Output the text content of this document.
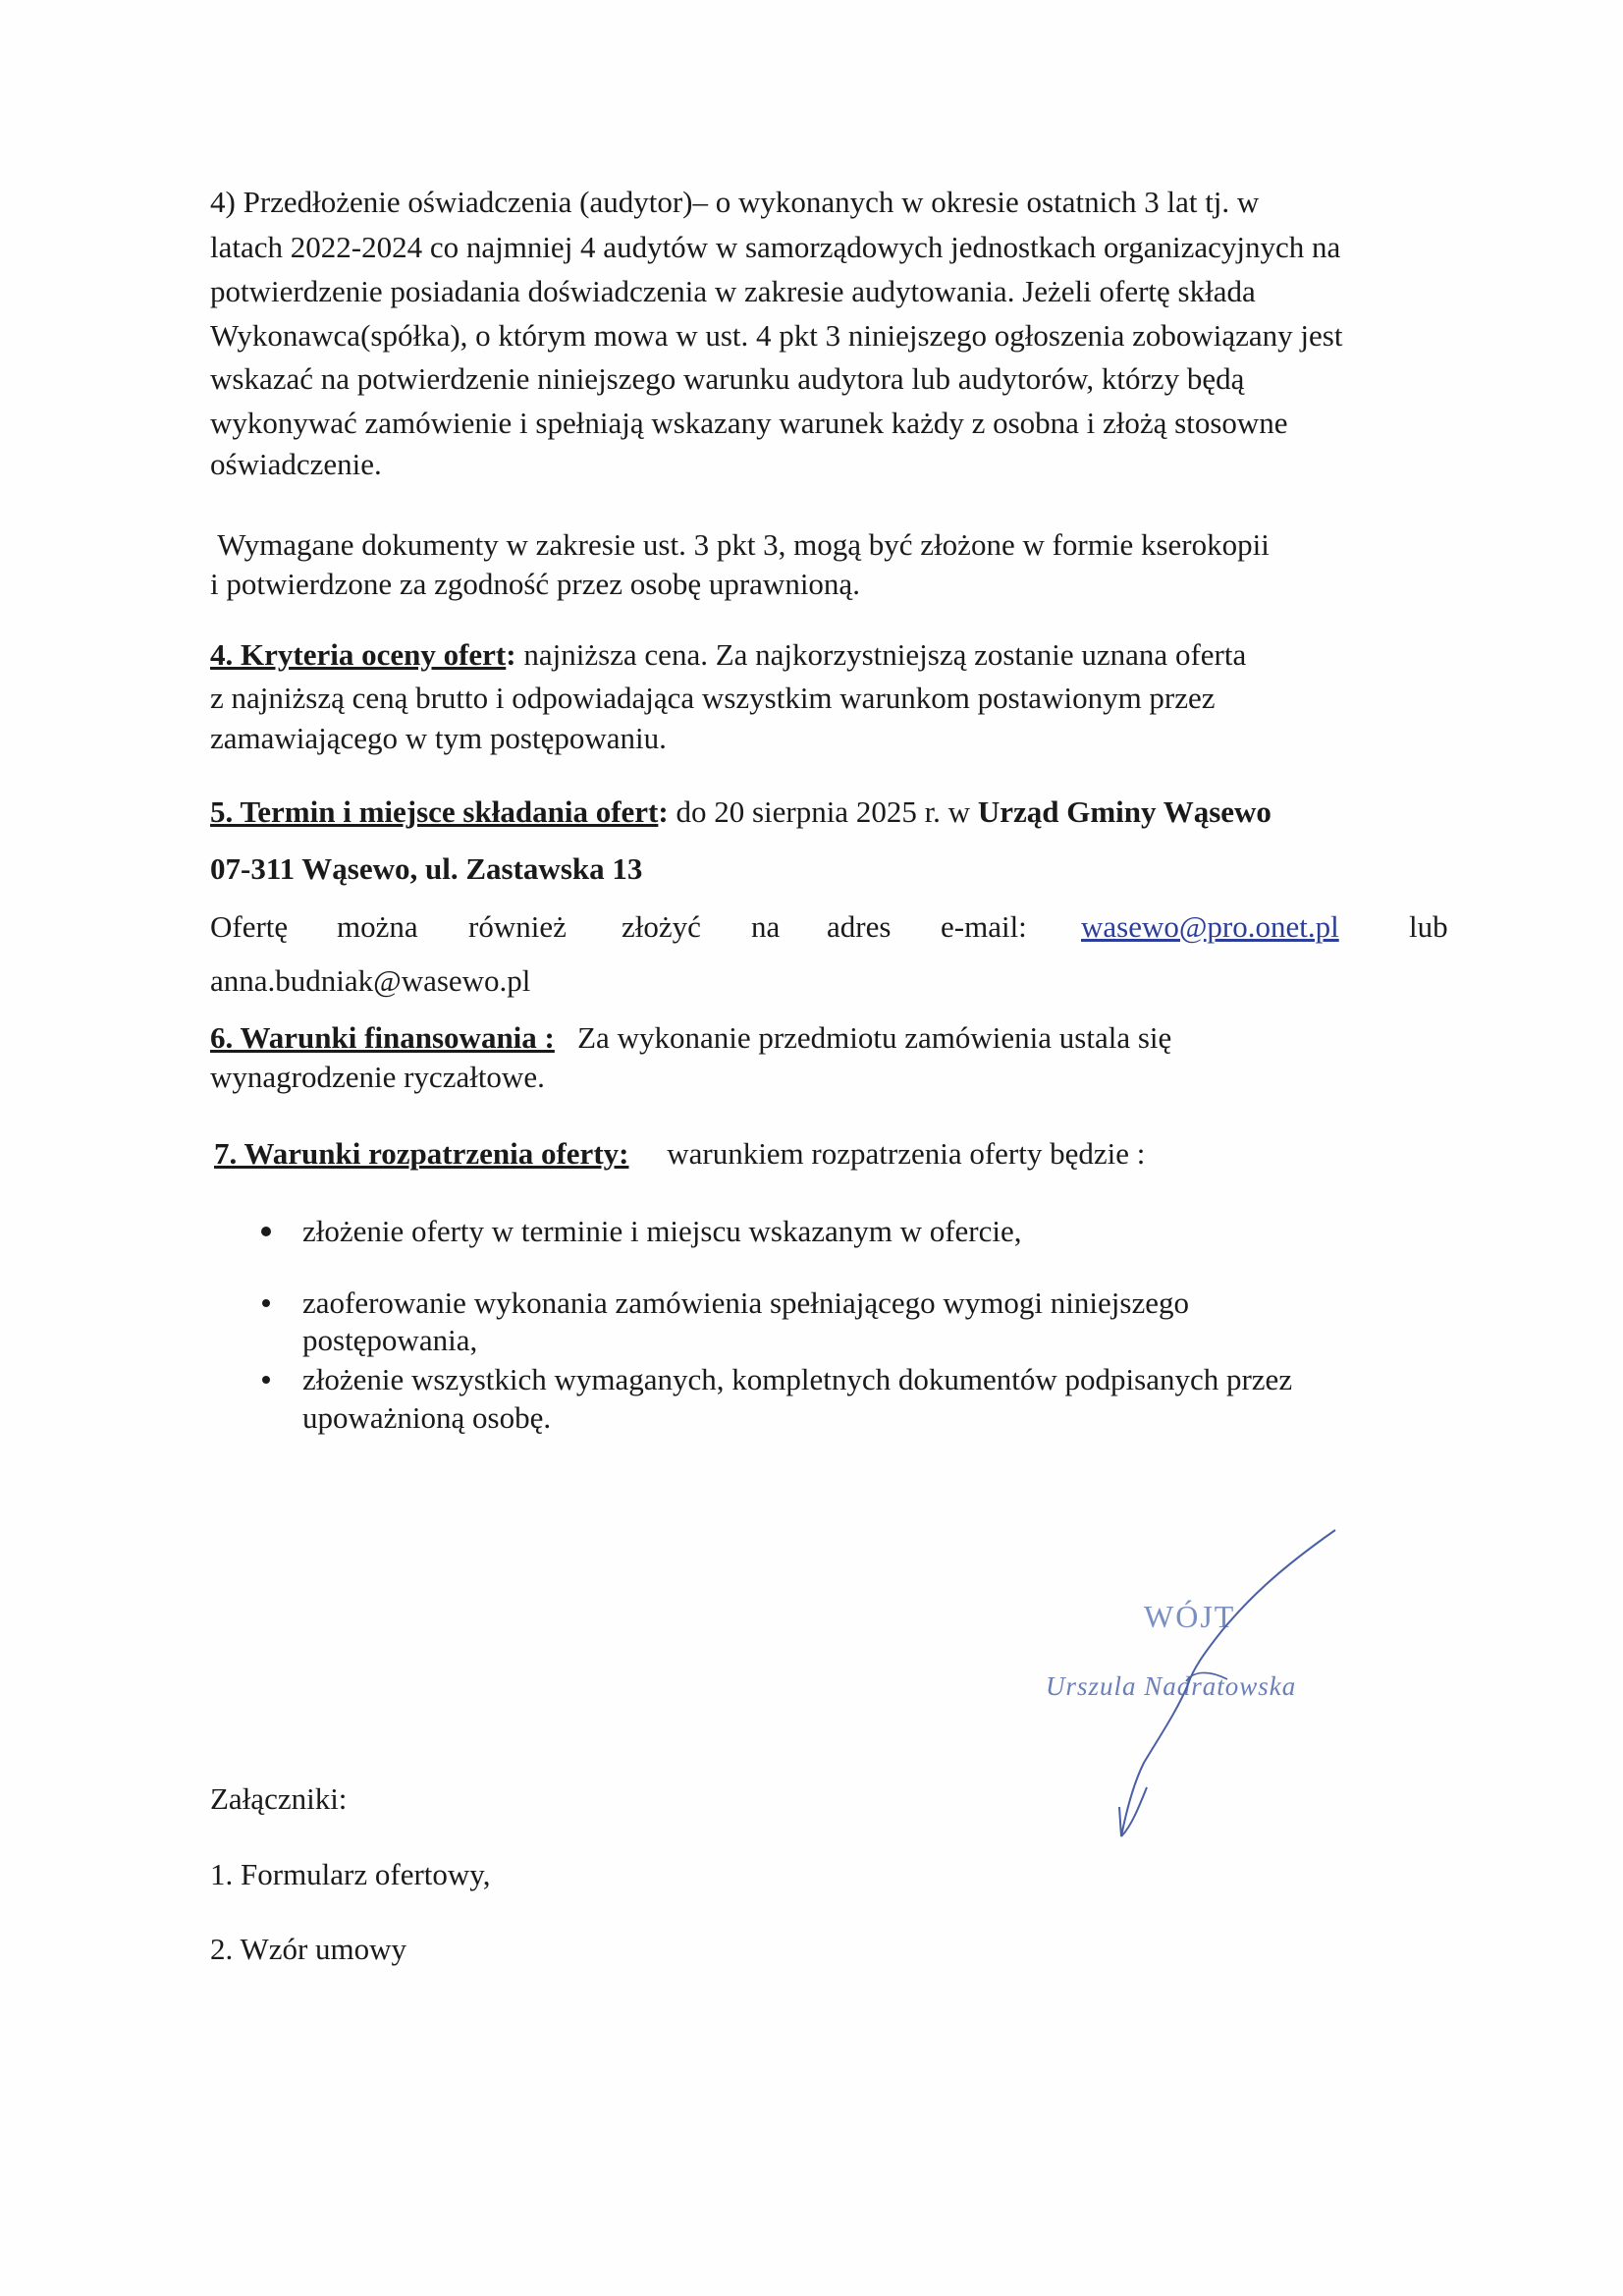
4) Przedłożenie oświadczenia (audytor)– o wykonanych w okresie ostatnich 3 lat tj. w
latach 2022-2024 co najmniej 4 audytów w samorządowych jednostkach organizacyjnych na
potwierdzenie posiadania doświadczenia w zakresie audytowania. Jeżeli ofertę składa
Wykonawca(spółka), o którym mowa w ust. 4 pkt 3 niniejszego ogłoszenia zobowiązany jest
wskazać na potwierdzenie niniejszego warunku audytora lub audytorów, którzy będą
wykonywać zamówienie i spełniają wskazany warunek każdy z osobna i złożą stosowne
oświadczenie.
Wymagane dokumenty w zakresie ust. 3 pkt 3, mogą być złożone w formie kserokopii
i potwierdzone za zgodność przez osobę uprawnioną.
4. Kryteria oceny ofert: najniższa cena. Za najkorzystniejszą zostanie uznana oferta
z najniższą ceną brutto i odpowiadająca wszystkim warunkom postawionym przez
zamawiającego w tym postępowaniu.
5. Termin i miejsce składania ofert: do 20 sierpnia 2025 r. w Urząd Gminy Wąsewo
07-311 Wąsewo, ul. Zastawska 13
Ofertę można również złożyć na adres e-mail: wasewo@pro.onet.pl lub
anna.budniak@wasewo.pl
6. Warunki finansowania :   Za wykonanie przedmiotu zamówienia ustala się
wynagrodzenie ryczałtowe.
7. Warunki rozpatrzenia oferty:     warunkiem rozpatrzenia oferty będzie :
złożenie oferty w terminie i miejscu wskazanym w ofercie,
zaoferowanie wykonania zamówienia spełniającego wymogi niniejszego
postępowania,
złożenie wszystkich wymaganych, kompletnych dokumentów podpisanych przez
upoważnioną osobę.
WÓJT
Urszula Nadratowska
Załączniki:
1. Formularz ofertowy,
2. Wzór umowy
